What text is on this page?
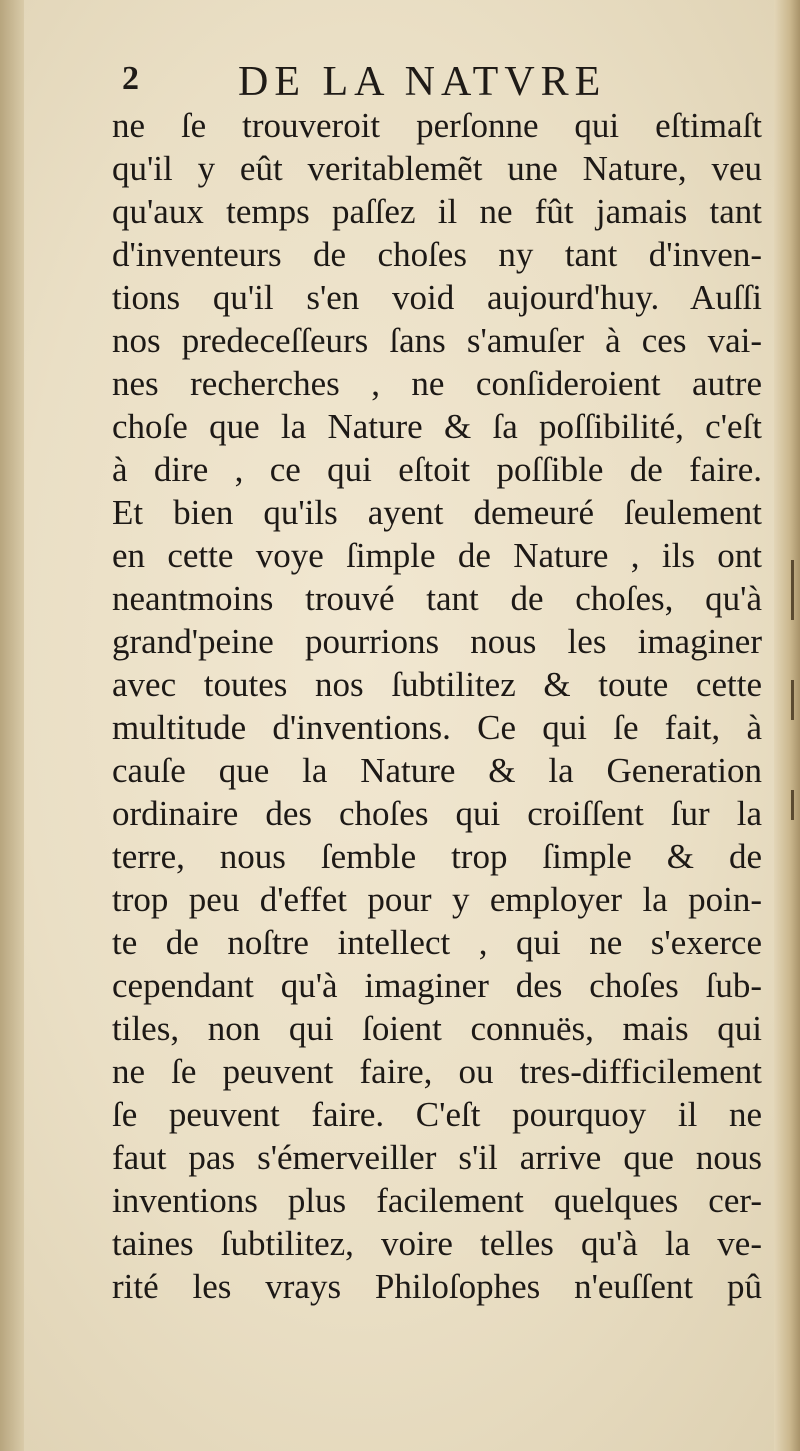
2 DE LA NATVRE
ne ſe trouveroit perſonne qui eſtimaſt
qu'il y eût veritablemẽt une Nature, veu
qu'aux temps paſſez il ne fût jamais tant
d'inventeurs de choſes ny tant d'inven-
tions qu'il s'en void aujourd'huy. Auſſi
nos predeceſſeurs ſans s'amuſer à ces vai-
nes recherches , ne conſideroient autre
choſe que la Nature & ſa poſſibilité, c'eſt
à dire , ce qui eſtoit poſſible de faire.
Et bien qu'ils ayent demeuré ſeulement
en cette voye ſimple de Nature , ils ont
neantmoins trouvé tant de choſes, qu'à
grand'peine pourrions nous les imaginer
avec toutes nos ſubtilitez & toute cette
multitude d'inventions. Ce qui ſe fait, à
cauſe que la Nature & la Generation
ordinaire des choſes qui croiſſent ſur la
terre, nous ſemble trop ſimple & de
trop peu d'effet pour y employer la poin-
te de noſtre intellect , qui ne s'exerce
cependant qu'à imaginer des choſes ſub-
tiles, non qui ſoient connuës, mais qui
ne ſe peuvent faire, ou tres-difficilement
ſe peuvent faire. C'eſt pourquoy il ne
faut pas s'émerveiller s'il arrive que nous
inventions plus facilement quelques cer-
taines ſubtilitez, voire telles qu'à la ve-
rité les vrays Philoſophes n'euſſent pû
